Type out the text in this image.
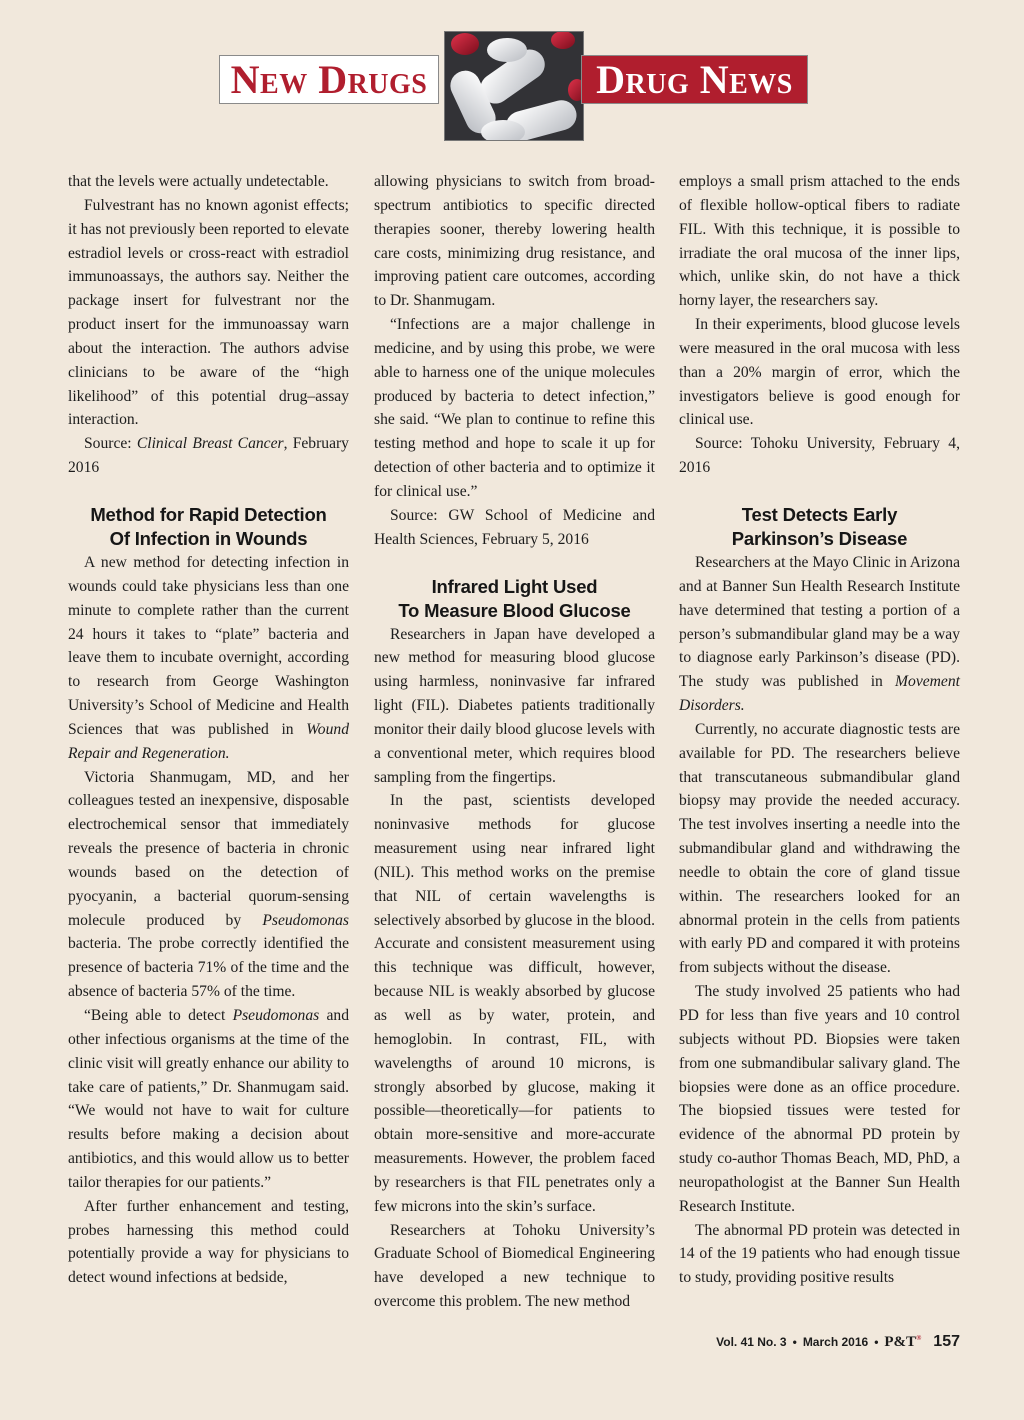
New Drugs	Drug News

that the levels were actually undetectable.

Fulvestrant has no known agonist effects; it has not previously been reported to elevate estradiol levels or cross-react with estradiol immunoassays, the authors say. Neither the package insert for fulvestrant nor the product insert for the immunoassay warn about the interaction. The authors advise clinicians to be aware of the “high likelihood” of this potential drug–assay interaction.

Source: Clinical Breast Cancer, February 2016

Method for Rapid Detection
Of Infection in Wounds

A new method for detecting infection in wounds could take physicians less than one minute to complete rather than the current 24 hours it takes to “plate” bacteria and leave them to incubate overnight, according to research from George Washington University’s School of Medicine and Health Sciences that was published in Wound Repair and Regeneration.

Victoria Shanmugam, MD, and her colleagues tested an inexpensive, disposable electrochemical sensor that immediately reveals the presence of bacteria in chronic wounds based on the detection of pyocyanin, a bacterial quorum-sensing molecule produced by Pseudomonas bacteria. The probe correctly identified the presence of bacteria 71% of the time and the absence of bacteria 57% of the time.

“Being able to detect Pseudomonas and other infectious organisms at the time of the clinic visit will greatly enhance our ability to take care of patients,” Dr. Shanmugam said. “We would not have to wait for culture results before making a decision about antibiotics, and this would allow us to better tailor therapies for our patients.”

After further enhancement and testing, probes harnessing this method could potentially provide a way for physicians to detect wound infections at bedside,

allowing physicians to switch from broad-spectrum antibiotics to specific directed therapies sooner, thereby lowering health care costs, minimizing drug resistance, and improving patient care outcomes, according to Dr. Shanmugam.

“Infections are a major challenge in medicine, and by using this probe, we were able to harness one of the unique molecules produced by bacteria to detect infection,” she said. “We plan to continue to refine this testing method and hope to scale it up for detection of other bacteria and to optimize it for clinical use.”

Source: GW School of Medicine and Health Sciences, February 5, 2016

Infrared Light Used
To Measure Blood Glucose

Researchers in Japan have developed a new method for measuring blood glucose using harmless, noninvasive far infrared light (FIL). Diabetes patients traditionally monitor their daily blood glucose levels with a conventional meter, which requires blood sampling from the fingertips.

In the past, scientists developed noninvasive methods for glucose measurement using near infrared light (NIL). This method works on the premise that NIL of certain wavelengths is selectively absorbed by glucose in the blood. Accurate and consistent measurement using this technique was difficult, however, because NIL is weakly absorbed by glucose as well as by water, protein, and hemoglobin. In contrast, FIL, with wavelengths of around 10 microns, is strongly absorbed by glucose, making it possible—theoretically—for patients to obtain more-sensitive and more-accurate measurements. However, the problem faced by researchers is that FIL penetrates only a few microns into the skin’s surface.

Researchers at Tohoku University’s Graduate School of Biomedical Engineering have developed a new technique to overcome this problem. The new method

employs a small prism attached to the ends of flexible hollow-optical fibers to radiate FIL. With this technique, it is possible to irradiate the oral mucosa of the inner lips, which, unlike skin, do not have a thick horny layer, the researchers say.

In their experiments, blood glucose levels were measured in the oral mucosa with less than a 20% margin of error, which the investigators believe is good enough for clinical use.

Source: Tohoku University, February 4, 2016

Test Detects Early
Parkinson’s Disease

Researchers at the Mayo Clinic in Arizona and at Banner Sun Health Research Institute have determined that testing a portion of a person’s submandibular gland may be a way to diagnose early Parkinson’s disease (PD). The study was published in Movement Disorders.

Currently, no accurate diagnostic tests are available for PD. The researchers believe that transcutaneous submandibular gland biopsy may provide the needed accuracy. The test involves inserting a needle into the submandibular gland and withdrawing the needle to obtain the core of gland tissue within. The researchers looked for an abnormal protein in the cells from patients with early PD and compared it with proteins from subjects without the disease.

The study involved 25 patients who had PD for less than five years and 10 control subjects without PD. Biopsies were taken from one submandibular salivary gland. The biopsies were done as an office procedure. The biopsied tissues were tested for evidence of the abnormal PD protein by study co-author Thomas Beach, MD, PhD, a neuropathologist at the Banner Sun Health Research Institute.

The abnormal PD protein was detected in 14 of the 19 patients who had enough tissue to study, providing positive results

Vol. 41 No. 3 • March 2016 • P&T® 157
